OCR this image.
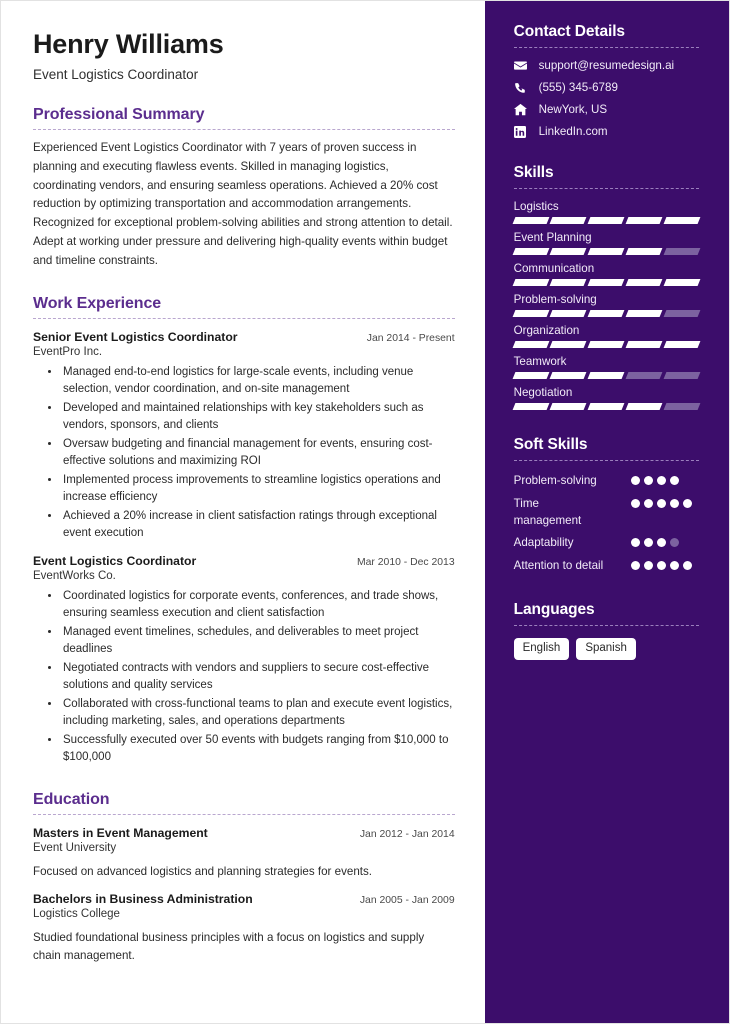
Henry Williams
Event Logistics Coordinator
Professional Summary
Experienced Event Logistics Coordinator with 7 years of proven success in planning and executing flawless events. Skilled in managing logistics, coordinating vendors, and ensuring seamless operations. Achieved a 20% cost reduction by optimizing transportation and accommodation arrangements. Recognized for exceptional problem-solving abilities and strong attention to detail. Adept at working under pressure and delivering high-quality events within budget and timeline constraints.
Work Experience
Senior Event Logistics Coordinator	Jan 2014 - Present
EventPro Inc.
• Managed end-to-end logistics for large-scale events, including venue selection, vendor coordination, and on-site management
• Developed and maintained relationships with key stakeholders such as vendors, sponsors, and clients
• Oversaw budgeting and financial management for events, ensuring cost-effective solutions and maximizing ROI
• Implemented process improvements to streamline logistics operations and increase efficiency
• Achieved a 20% increase in client satisfaction ratings through exceptional event execution
Event Logistics Coordinator	Mar 2010 - Dec 2013
EventWorks Co.
• Coordinated logistics for corporate events, conferences, and trade shows, ensuring seamless execution and client satisfaction
• Managed event timelines, schedules, and deliverables to meet project deadlines
• Negotiated contracts with vendors and suppliers to secure cost-effective solutions and quality services
• Collaborated with cross-functional teams to plan and execute event logistics, including marketing, sales, and operations departments
• Successfully executed over 50 events with budgets ranging from $10,000 to $100,000
Education
Masters in Event Management	Jan 2012 - Jan 2014
Event University
Focused on advanced logistics and planning strategies for events.
Bachelors in Business Administration	Jan 2005 - Jan 2009
Logistics College
Studied foundational business principles with a focus on logistics and supply chain management.
Contact Details
support@resumedesign.ai
(555) 345-6789
NewYork, US
LinkedIn.com
Skills
Logistics
Event Planning
Communication
Problem-solving
Organization
Teamwork
Negotiation
Soft Skills
Problem-solving
Time management
Adaptability
Attention to detail
Languages
English	Spanish
